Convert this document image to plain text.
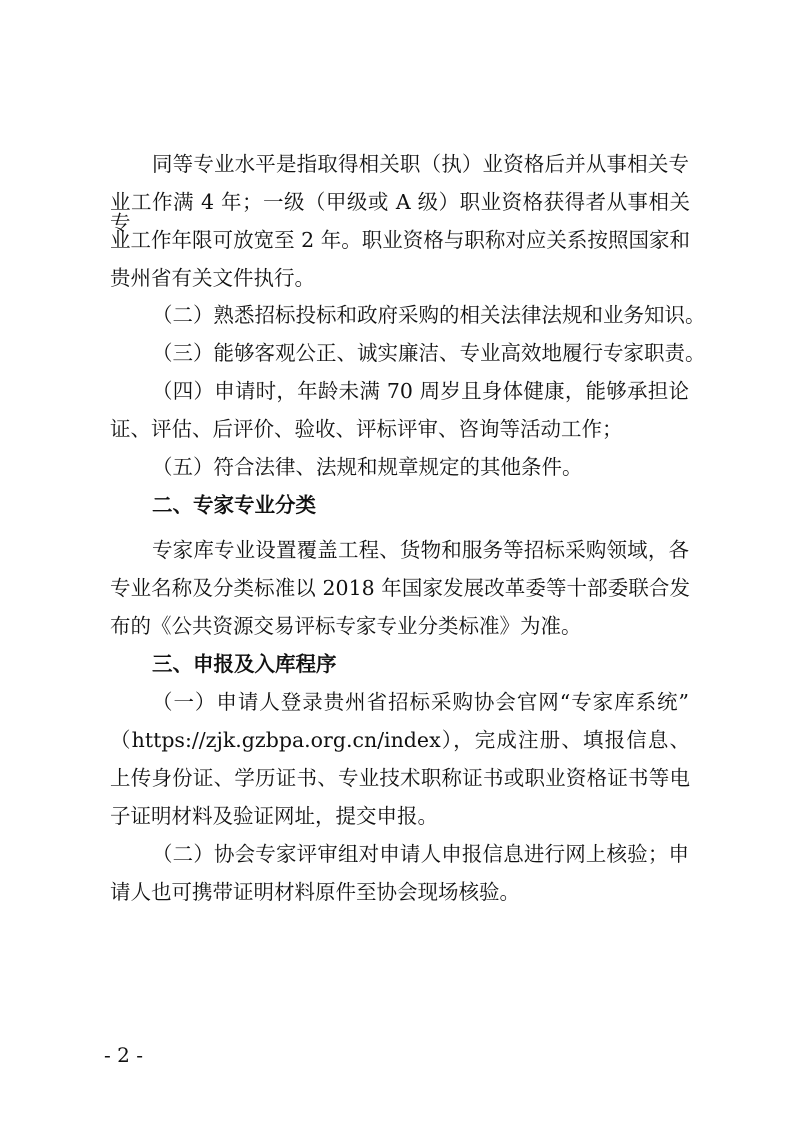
同等专业水平是指取得相关职（执）业资格后并从事相关专
业工作满 4 年；一级（甲级或 A 级）职业资格获得者从事相关专
业工作年限可放宽至 2 年。职业资格与职称对应关系按照国家和
贵州省有关文件执行。
（二）熟悉招标投标和政府采购的相关法律法规和业务知识。
（三）能够客观公正、诚实廉洁、专业高效地履行专家职责。
（四）申请时，年龄未满 70 周岁且身体健康，能够承担论
证、评估、后评价、验收、评标评审、咨询等活动工作；
（五）符合法律、法规和规章规定的其他条件。
二、专家专业分类
专家库专业设置覆盖工程、货物和服务等招标采购领域，各
专业名称及分类标准以 2018 年国家发展改革委等十部委联合发
布的《公共资源交易评标专家专业分类标准》为准。
三、申报及入库程序
（一）申请人登录贵州省招标采购协会官网“专家库系统”
（https://zjk.gzbpa.org.cn/index），完成注册、填报信息、
上传身份证、学历证书、专业技术职称证书或职业资格证书等电
子证明材料及验证网址，提交申报。
（二）协会专家评审组对申请人申报信息进行网上核验；申
请人也可携带证明材料原件至协会现场核验。
- 2 -
